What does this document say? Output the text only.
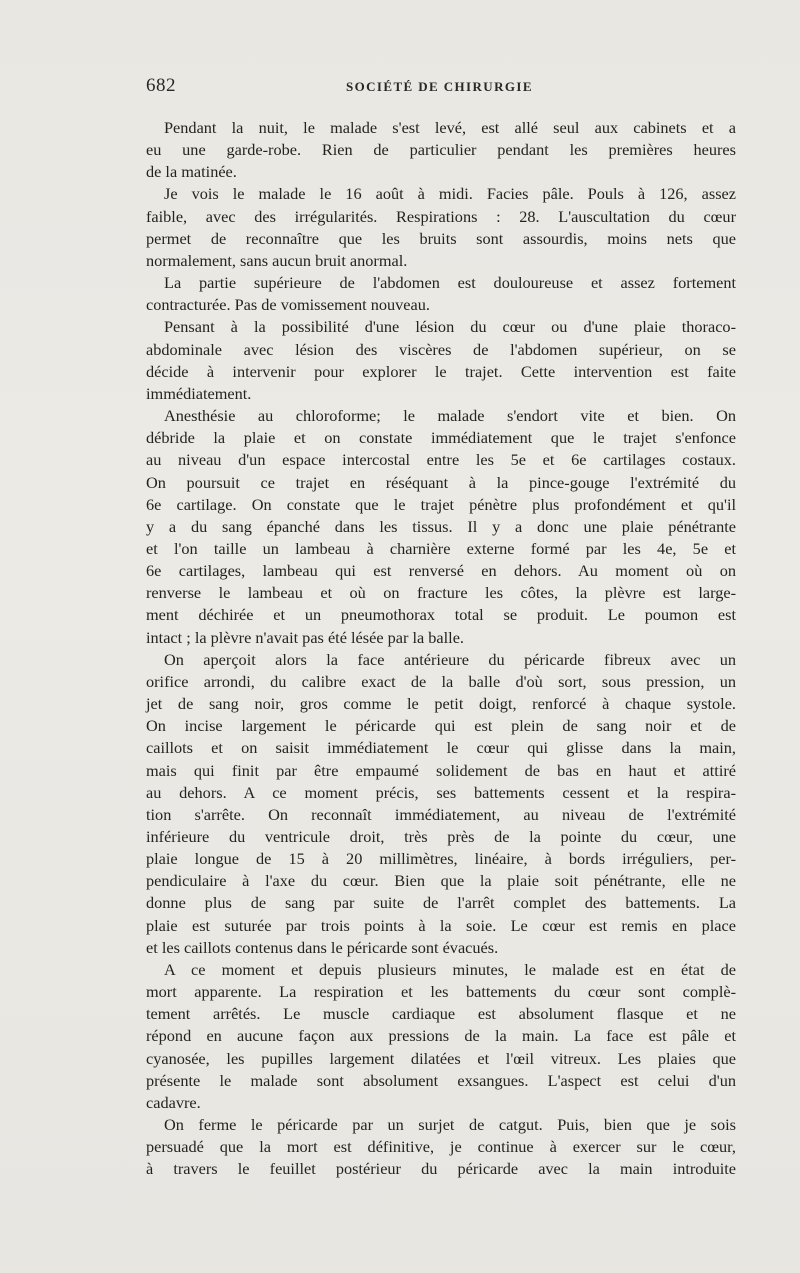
682	SOCIÉTÉ DE CHIRURGIE
Pendant la nuit, le malade s'est levé, est allé seul aux cabinets et a
eu une garde-robe. Rien de particulier pendant les premières heures
de la matinée.
Je vois le malade le 16 août à midi. Facies pâle. Pouls à 126, assez
faible, avec des irrégularités. Respirations : 28. L'auscultation du cœur
permet de reconnaître que les bruits sont assourdis, moins nets que
normalement, sans aucun bruit anormal.
La partie supérieure de l'abdomen est douloureuse et assez fortement
contracturée. Pas de vomissement nouveau.
Pensant à la possibilité d'une lésion du cœur ou d'une plaie thoraco-
abdominale avec lésion des viscères de l'abdomen supérieur, on se
décide à intervenir pour explorer le trajet. Cette intervention est faite
immédiatement.
Anesthésie au chloroforme; le malade s'endort vite et bien. On
débride la plaie et on constate immédiatement que le trajet s'enfonce
au niveau d'un espace intercostal entre les 5e et 6e cartilages costaux.
On poursuit ce trajet en réséquant à la pince-gouge l'extrémité du
6e cartilage. On constate que le trajet pénètre plus profondément et qu'il
y a du sang épanché dans les tissus. Il y a donc une plaie pénétrante
et l'on taille un lambeau à charnière externe formé par les 4e, 5e et
6e cartilages, lambeau qui est renversé en dehors. Au moment où on
renverse le lambeau et où on fracture les côtes, la plèvre est large-
ment déchirée et un pneumothorax total se produit. Le poumon est
intact ; la plèvre n'avait pas été lésée par la balle.
On aperçoit alors la face antérieure du péricarde fibreux avec un
orifice arrondi, du calibre exact de la balle d'où sort, sous pression, un
jet de sang noir, gros comme le petit doigt, renforcé à chaque systole.
On incise largement le péricarde qui est plein de sang noir et de
caillots et on saisit immédiatement le cœur qui glisse dans la main,
mais qui finit par être empaumé solidement de bas en haut et attiré
au dehors. A ce moment précis, ses battements cessent et la respira-
tion s'arrête. On reconnaît immédiatement, au niveau de l'extrémité
inférieure du ventricule droit, très près de la pointe du cœur, une
plaie longue de 15 à 20 millimètres, linéaire, à bords irréguliers, per-
pendiculaire à l'axe du cœur. Bien que la plaie soit pénétrante, elle ne
donne plus de sang par suite de l'arrêt complet des battements. La
plaie est suturée par trois points à la soie. Le cœur est remis en place
et les caillots contenus dans le péricarde sont évacués.
A ce moment et depuis plusieurs minutes, le malade est en état de
mort apparente. La respiration et les battements du cœur sont complè-
tement arrêtés. Le muscle cardiaque est absolument flasque et ne
répond en aucune façon aux pressions de la main. La face est pâle et
cyanosée, les pupilles largement dilatées et l'œil vitreux. Les plaies que
présente le malade sont absolument exsangues. L'aspect est celui d'un
cadavre.
On ferme le péricarde par un surjet de catgut. Puis, bien que je sois
persuadé que la mort est définitive, je continue à exercer sur le cœur,
à travers le feuillet postérieur du péricarde avec la main introduite
